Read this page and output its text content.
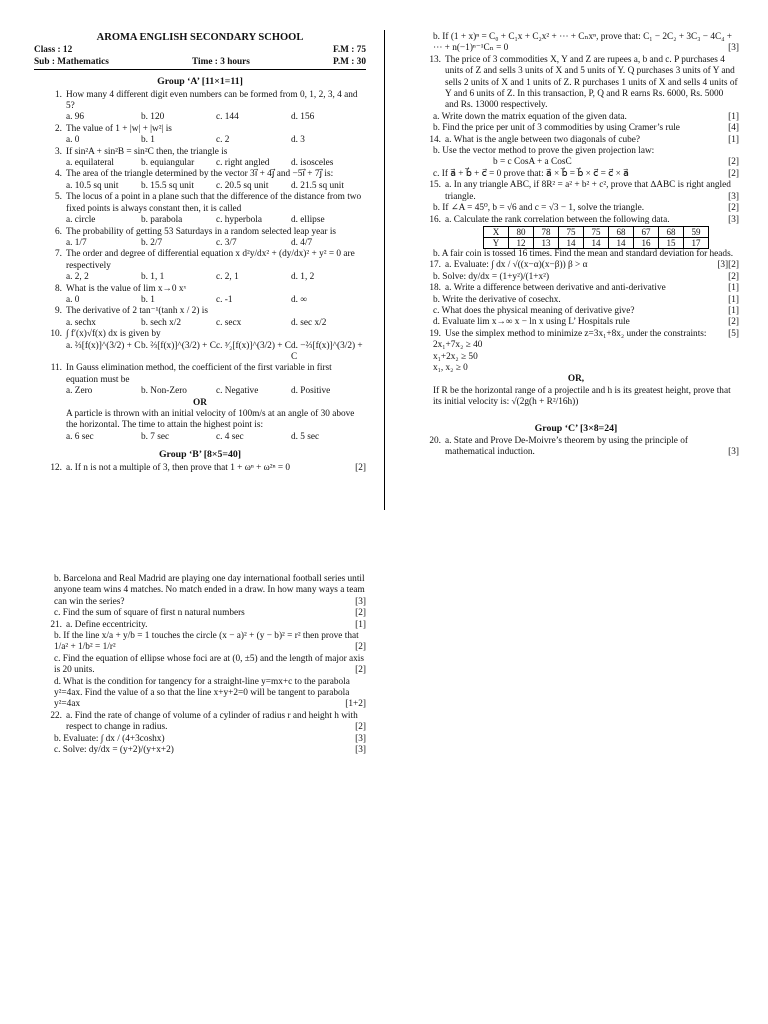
AROMA ENGLISH SECONDARY SCHOOL
Class : 12	F.M : 75
Sub : Mathematics	Time : 3 hours	P.M : 30
Group ‘A’ [11×1=11]
1. How many 4 different digit even numbers can be formed from 0, 1, 2, 3, 4 and 5?
a. 96	b. 120	c. 144	d. 156
2. The value of 1 + |w| + |w²| is
a. 0	b. 1	c. 2	d. 3
3. If sin²A + sin²B = sin²C then, the triangle is
a. equilateral	b. equiangular	c. right angled	d. isosceles
4. The area of the triangle determined by the vector 3i⃗ + 4j⃗ and −5i⃗ + 7j⃗ is:
a. 10.5 sq unit	b. 15.5 sq unit	c. 20.5 sq unit	d. 21.5 sq unit
5. The locus of a point in a plane such that the difference of the distance from two fixed points is always constant then, it is called
a. circle	b. parabola	c. hyperbola	d. ellipse
6. The probability of getting 53 Saturdays in a random selected leap year is
a. 1/7	b. 2/7	c. 3/7	d. 4/7
7. The order and degree of differential equation x d²y/dx² + (dy/dx)² + y² = 0 are respectively
a. 2, 2	b. 1, 1	c. 2, 1	d. 1, 2
8. What is the value of lim x→0 xˣ
a. 0	b. 1	c. -1	d. ∞
9. The derivative of 2 tan⁻¹(tanh x / 2) is
a. sechx	b. sech x/2	c. secx	d. sec x/2
10. ∫ f′(x)√f(x) dx is given by
a. ⅔[f(x)]^(3/2) + C b. ⅔[f(x)]^(3/2) + C c. ³⁄₂[f(x)]^(3/2) + C d. −⅔[f(x)]^(3/2) + C
11. In Gauss elimination method, the coefficient of the first variable in first equation must be
a. Zero	b. Non-Zero	c. Negative	d. Positive
OR
A particle is thrown with an initial velocity of 100m/s at an angle of 30 above the horizontal. The time to attain the highest point is:
a. 6 sec	b. 7 sec	c. 4 sec	d. 5 sec
Group ‘B’ [8×5=40]
12. a. If n is not a multiple of 3, then prove that 1 + ωⁿ + ω²ⁿ = 0	[2]
b. If (1 + x)ⁿ = C₀ + C₁x + C₂x² + ⋯ + Cₙxⁿ, prove that: C₁ − 2C₂ + 3C₃ − 4C₄ + ⋯ + n(−1)ⁿ⁻¹Cₙ = 0	[3]
13. The price of 3 commodities X, Y and Z are rupees a, b and c. P purchases 4 units of Z and sells 3 units of X and 5 units of Y. Q purchases 3 units of Y and sells 2 units of X and 1 units of Z. R purchases 1 units of X and sells 4 units of Y and 6 units of Z. In this transaction, P, Q and R earns Rs. 6000, Rs. 5000 and Rs. 13000 respectively.
a. Write down the matrix equation of the given data.	[1]
b. Find the price per unit of 3 commodities by using Cramer’s rule	[4]
14. a. What is the angle between two diagonals of cube?	[1]
b. Use the vector method to prove the given projection law:
b = c CosA + a CosC	[2]
c. If a⃗ + b⃗ + c⃗ = 0 prove that: a⃗ × b⃗ = b⃗ × c⃗ = c⃗ × a⃗	[2]
15. a. In any triangle ABC, if 8R² = a² + b² + c², prove that ∆ABC is right angled triangle.	[3]
b. If ∠A = 45⁰, b = √6 and c = √3 − 1, solve the triangle.	[2]
16. a. Calculate the rank correlation between the following data.	[3]
X	80	78	75	75	68	67	68	59
Y	12	13	14	14	14	16	15	17
b. A fair coin is tossed 16 times. Find the mean and standard deviation for heads.
[2]
17. a. Evaluate: ∫ dx / √((x−α)(x−β)) β > α	[3]
b. Solve: dy/dx = (1+y²)/(1+x²)	[2]
18. a. Write a difference between derivative and anti-derivative	[1]
b. Write the derivative of cosechx.	[1]
c. What does the physical meaning of derivative give?	[1]
d. Evaluate lim x→∞ x − ln x using L’ Hospitals rule	[2]
19. Use the simplex method to minimize z=3x₁+8x₂ under the constraints: [5]
2x₁+7x₂ ≥ 40
x₁+2x₂ ≥ 50
x₁, x₂ ≥ 0
OR,
If R be the horizontal range of a projectile and h is its greatest height, prove that its initial velocity is: √(2g(h + R²/16h))
Group ‘C’ [3×8=24]
20. a. State and Prove De-Moivre’s theorem by using the principle of mathematical induction.	[3]
b. Barcelona and Real Madrid are playing one day international football series until anyone team wins 4 matches. No match ended in a draw. In how many ways a team can win the series?	[3]
c. Find the sum of square of first n natural numbers	[2]
21. a. Define eccentricity.	[1]
b. If the line x/a + y/b = 1 touches the circle (x − a)² + (y − b)² = r² then prove that 1/a² + 1/b² = 1/r²	[2]
c. Find the equation of ellipse whose foci are at (0, ±5) and the length of major axis is 20 units.	[2]
d. What is the condition for tangency for a straight-line y=mx+c to the parabola y²=4ax. Find the value of a so that the line x+y+2=0 will be tangent to parabola y²=4ax	[1+2]
22. a. Find the rate of change of volume of a cylinder of radius r and height h with respect to change in radius.	[2]
b. Evaluate: ∫ dx / (4+3coshx)	[3]
c. Solve: dy/dx = (y+2)/(y+x+2)	[3]
